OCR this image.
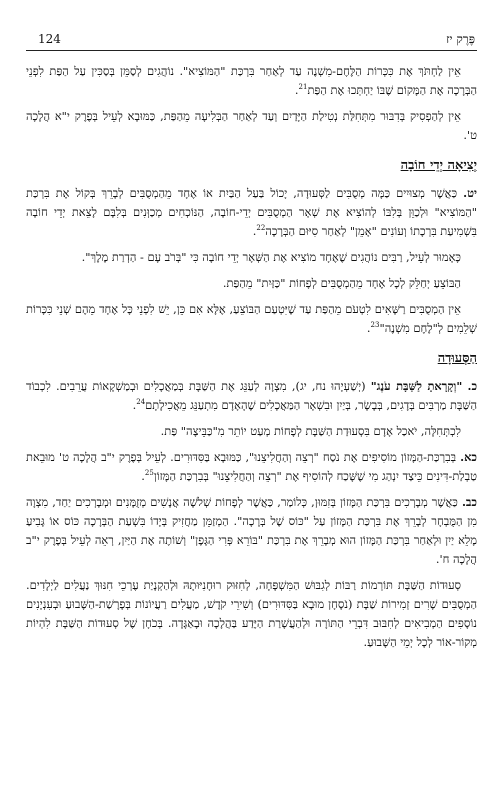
124	פֶּרֶק יז

אֵין לַחְתֹּךְ אֶת כִּכְּרוֹת הַלֶּחֶם-מִשְׁנֶה עַד לְאַחַר בִּרְכַּת "הַמּוֹצִיא". נוֹהֲגִים לְסַמֵּן בְּסַכִּין עַל הַפַּת לִפְנֵי הַבְּרָכָה אֶת הַמָּקוֹם שֶׁבּוֹ יַחְתְּכוּ אֶת הַפַּת$^{21}$.

אֵין לְהַפְסִיק בְּדִבּוּר מִתְּחִלַּת נְטִילַת הַיָּדַיִם וְעַד לְאַחַר הַבְּלִיעָה מֵהַפַּת, כַּמּוּבָא לְעֵיל בְּפֶרֶק י"א הֲלָכָה ט'.

יְצִיאָה יְדֵי חוֹבָה

יט. כַּאֲשֶׁר מְצוּיִים כַּמָּה מְסֻבִּים לַסְּעוּדָה, יָכוֹל בַּעַל הַבַּיִת אוֹ אֶחָד מֵהַמְסֻבִּים לְבָרֵךְ בְּקוֹל אֶת בִּרְכַּת "הַמּוֹצִיא" וּלְכַוֵּן בְּלִבּוֹ לְהוֹצִיא אֶת שְׁאָר הַמְסֻבִּים יְדֵי-חוֹבָה, הַנּוֹכְחִים מְכַוְּנִים בְּלִבָּם לָצֵאת יְדֵי חוֹבָה בִּשְׁמִיעַת בִּרְכָתוֹ וְעוֹנִים "אָמֵן" לְאַחַר סִיּוּם הַבְּרָכָה$^{22}$.

כָּאָמוּר לְעֵיל, רַבִּים נוֹהֲגִים שֶׁאֶחָד מוֹצִיא אֶת הַשְּׁאָר יְדֵי חוֹבָה כִּי "בְּרֹב עָם - הַדְרַת מֶלֶךְ".

הַבּוֹצֵעַ יְחַלֵּק לְכָל אֶחָד מֵהַמְסֻבִּים לְפָחוֹת "כַּזַּיִת" מֵהַפַּת.

אֵין הַמְסֻבִּים רַשָּׁאִים לִטְעֹם מֵהַפַּת עַד שֶׁיִּטְעַם הַבּוֹצֵעַ, אֶלָּא אִם כֵּן, יֵשׁ לִפְנֵי כָּל אֶחָד מֵהֶם שְׁנֵי כִּכָּרוֹת שְׁלֵמִים לְ"לֶחֶם מִשְׁנֶה"$^{23}$.

הַסְּעוּדָה

כ. "וְקָרָאתָ לַשַּׁבָּת עֹנֶג" (יְשַׁעְיָהוּ נח, יג), מִצְוָה לְעַנֵּג אֶת הַשַּׁבָּת בְּמַאֲכָלִים וּבְמַשְׁקָאוֹת עֲרֵבִים. לִכְבוֹד הַשַּׁבָּת מַרְבִּים בְּדָגִים, בְּבָשָׂר, בְּיַיִן וּבִשְׁאָר הַמַּאֲכָלִים שֶׁהָאָדָם מִתְעַנֵּג מֵאֲכִילָתָם$^{24}$.

לִכְתְּחִלָּה, יֹאכַל אָדָם בִּסְעוּדַת הַשַּׁבָּת לְפָחוֹת מְעַט יוֹתֵר מִ"כַּבֵּיצָה" פַּת.

כא. בְּבִרְכַּת-הַמָּזוֹן מוֹסִיפִים אֶת נֹסַח "רְצֵה וְהַחֲלִיצֵנוּ", כַּמּוּבָא בַּסִּדּוּרִים. לְעֵיל בְּפֶרֶק י"ב הֲלָכָה ט' מוּבֵאת טַבְלַת-דִּינִים כֵּיצַד יִנְהַג מִי שֶׁשָּׁכַח לְהוֹסִיף אֶת "רְצֵה וְהַחֲלִיצֵנוּ" בְּבִרְכַּת הַמָּזוֹן$^{25}$.

כב. כַּאֲשֶׁר מְבָרְכִים בִּרְכַּת הַמָּזוֹן בְּזִמּוּן, כְּלוֹמַר, כַּאֲשֶׁר לְפָחוֹת שְׁלֹשָׁה אֲנָשִׁים מְזֻמָּנִים וּמְבָרְכִים יַחַד, מִצְוָה מִן הַמֻּבְחָר לְבָרֵךְ אֶת בִּרְכַּת הַמָּזוֹן עַל "כּוֹס שֶׁל בְּרָכָה". הַמְזַמֵּן מַחֲזִיק בְּיָדוֹ בִּשְׁעַת הַבְּרָכָה כּוֹס אוֹ גָּבִיעַ מָלֵא יַיִן וּלְאַחַר בִּרְכַּת הַמָּזוֹן הוּא מְבָרֵךְ אֶת בִּרְכַּת "בּוֹרֵא פְּרִי הַגָּפֶן" וְשׁוֹתֶה אֶת הַיַּיִן, רְאֵה לְעֵיל בְּפֶרֶק י"ב הֲלָכָה ח'.

סְעוּדוֹת הַשַּׁבָּת תּוֹרְמוֹת רַבּוֹת לְגִבּוּשׁ הַמִּשְׁפָּחָה, לְחִזּוּק רוּחָנִיּוּתָהּ וּלְהַקְנָיַת עֶרְכֵי חִנּוּךְ נַעֲלִים לַיְלָדִים. הַמְסֻבִּים שָׁרִים זְמִירוֹת שַׁבָּת (נֹסָחָן מוּבָא בַּסִּדּוּרִים) וְשִׁירֵי קֹדֶשׁ, מַעֲלִים רַעֲיוֹנוֹת בְּפָרָשַׁת-הַשָּׁבוּעַ וּבְעִנְיָנִים נוֹסָפִים הַמְבִיאִים לְחִבּוּב דִּבְרֵי הַתּוֹרָה וּלְהַעֲשָׁרַת הַיֶּדַע בַּהֲלָכָה וּבָאַגָּדָה. בְּכֹחָן שֶׁל סְעוּדוֹת הַשַּׁבָּת לִהְיוֹת מְקוֹר-אוֹר לְכָל יְמֵי הַשָּׁבוּעַ.
